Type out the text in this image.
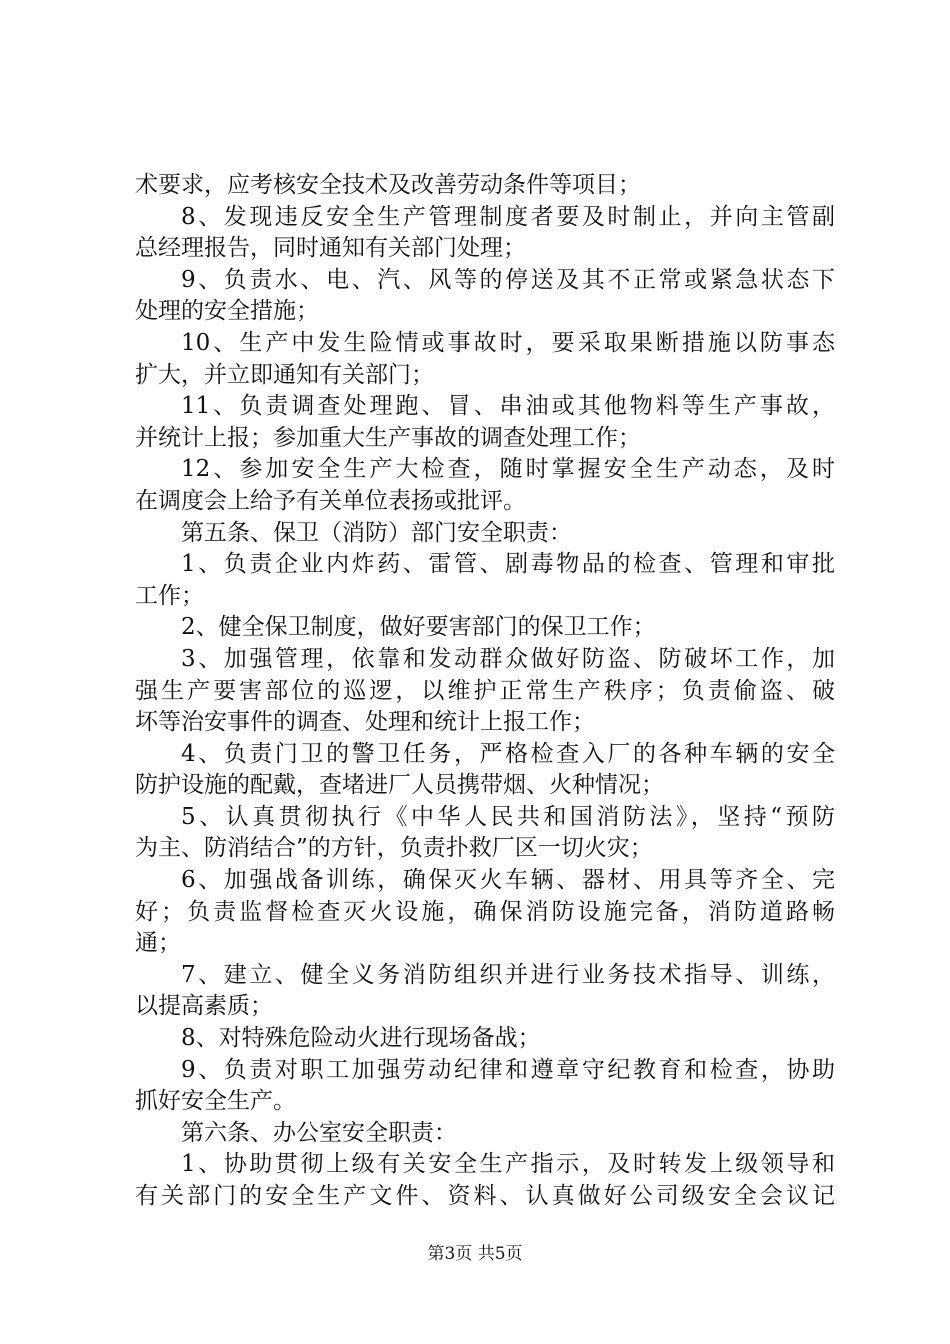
术要求，应考核安全技术及改善劳动条件等项目；
8、发现违反安全生产管理制度者要及时制止，并向主管副
总经理报告，同时通知有关部门处理；
9、负责水、电、汽、风等的停送及其不正常或紧急状态下
处理的安全措施；
10、生产中发生险情或事故时，要采取果断措施以防事态
扩大，并立即通知有关部门；
11、负责调查处理跑、冒、串油或其他物料等生产事故，
并统计上报；参加重大生产事故的调查处理工作；
12、参加安全生产大检查，随时掌握安全生产动态，及时
在调度会上给予有关单位表扬或批评。
第五条、保卫（消防）部门安全职责：
1、负责企业内炸药、雷管、剧毒物品的检查、管理和审批
工作；
2、健全保卫制度，做好要害部门的保卫工作；
3、加强管理，依靠和发动群众做好防盗、防破坏工作，加
强生产要害部位的巡逻，以维护正常生产秩序；负责偷盗、破
坏等治安事件的调查、处理和统计上报工作；
4、负责门卫的警卫任务，严格检查入厂的各种车辆的安全
防护设施的配戴，查堵进厂人员携带烟、火种情况；
5、认真贯彻执行《中华人民共和国消防法》，坚持“预防
为主、防消结合”的方针，负责扑救厂区一切火灾；
6、加强战备训练，确保灭火车辆、器材、用具等齐全、完
好；负责监督检查灭火设施，确保消防设施完备，消防道路畅
通；
7、建立、健全义务消防组织并进行业务技术指导、训练，
以提高素质；
8、对特殊危险动火进行现场备战；
9、负责对职工加强劳动纪律和遵章守纪教育和检查，协助
抓好安全生产。
第六条、办公室安全职责：
1、协助贯彻上级有关安全生产指示，及时转发上级领导和
有关部门的安全生产文件、资料、认真做好公司级安全会议记
第3页 共5页
